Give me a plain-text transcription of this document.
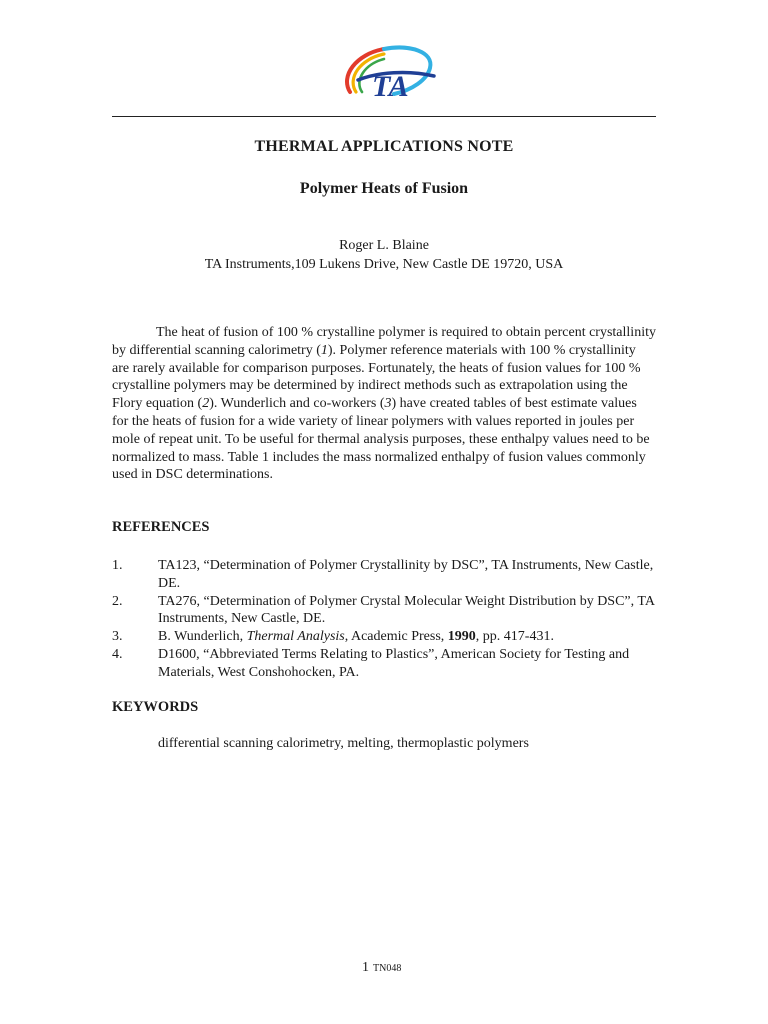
TA
THERMAL APPLICATIONS NOTE
Polymer Heats of Fusion
Roger L. Blaine
TA Instruments,109 Lukens Drive, New Castle DE 19720, USA

The heat of fusion of 100 % crystalline polymer is required to obtain percent crystallinity by differential scanning calorimetry (1). Polymer reference materials with 100 % crystallinity are rarely available for comparison purposes. Fortunately, the heats of fusion values for 100 % crystalline polymers may be determined by indirect methods such as extrapolation using the Flory equation (2). Wunderlich and co-workers (3) have created tables of best estimate values for the heats of fusion for a wide variety of linear polymers with values reported in joules per mole of repeat unit. To be useful for thermal analysis purposes, these enthalpy values need to be normalized to mass. Table 1 includes the mass normalized enthalpy of fusion values commonly used in DSC determinations.

REFERENCES
1.	TA123, “Determination of Polymer Crystallinity by DSC”, TA Instruments, New Castle, DE.
2.	TA276, “Determination of Polymer Crystal Molecular Weight Distribution by DSC”, TA Instruments, New Castle, DE.
3.	B. Wunderlich, Thermal Analysis, Academic Press, 1990, pp. 417-431.
4.	D1600, “Abbreviated Terms Relating to Plastics”, American Society for Testing and Materials, West Conshohocken, PA.
KEYWORDS
differential scanning calorimetry, melting, thermoplastic polymers
1 TN048
